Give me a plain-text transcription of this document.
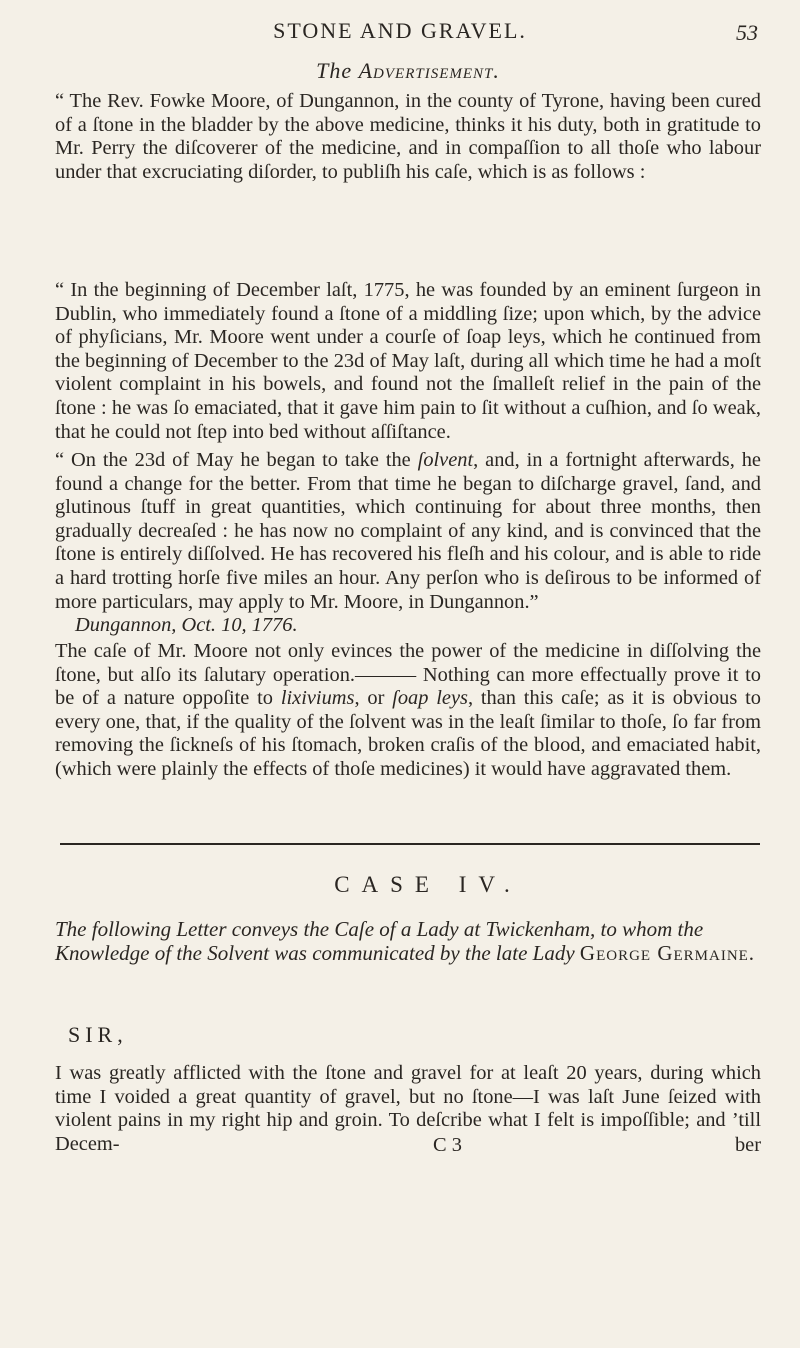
STONE AND GRAVEL.	53
The Advertisement.
“ The Rev. Fowke Moore, of Dungannon, in the county of Tyrone, having been cured of a ſtone in the bladder by the above medicine, thinks it his duty, both in gratitude to Mr. Perry the diſcoverer of the medicine, and in compaſſion to all thoſe who labour under that excruciating diſorder, to publiſh his caſe, which is as follows :
“ In the beginning of December laſt, 1775, he was founded by an eminent ſurgeon in Dublin, who immediately found a ſtone of a middling ſize; upon which, by the advice of phyſicians, Mr. Moore went under a courſe of ſoap leys, which he continued from the beginning of December to the 23d of May laſt, during all which time he had a moſt violent complaint in his bowels, and found not the ſmalleſt relief in the pain of the ſtone : he was ſo emaciated, that it gave him pain to ſit without a cuſhion, and ſo weak, that he could not ſtep into bed without aſſiſtance.
“ On the 23d of May he began to take the ſolvent, and, in a fortnight afterwards, he found a change for the better. From that time he began to diſcharge gravel, ſand, and glutinous ſtuff in great quantities, which continuing for about three months, then gradually decreaſed : he has now no complaint of any kind, and is convinced that the ſtone is entirely diſſolved. He has recovered his fleſh and his colour, and is able to ride a hard trotting horſe five miles an hour. Any perſon who is deſirous to be informed of more particulars, may apply to Mr. Moore, in Dungannon.”
Dungannon, Oct. 10, 1776.
The caſe of Mr. Moore not only evinces the power of the medicine in diſſolving the ſtone, but alſo its ſalutary operation.——— Nothing can more effectually prove it to be of a nature oppoſite to lixiviums, or ſoap leys, than this caſe; as it is obvious to every one, that, if the quality of the ſolvent was in the leaſt ſimilar to thoſe, ſo far from removing the ſickneſs of his ſtomach, broken craſis of the blood, and emaciated habit, (which were plainly the effects of thoſe medicines) it would have aggravated them.
CASE IV.
The following Letter conveys the Caſe of a Lady at Twickenham, to whom the Knowledge of the Solvent was communicated by the late Lady George Germaine.
SIR,
I was greatly afflicted with the ſtone and gravel for at leaſt 20 years, during which time I voided a great quantity of gravel, but no ſtone—I was laſt June ſeized with violent pains in my right hip and groin. To deſcribe what I felt is impoſſible; and ’till Decem-	C 3	ber
